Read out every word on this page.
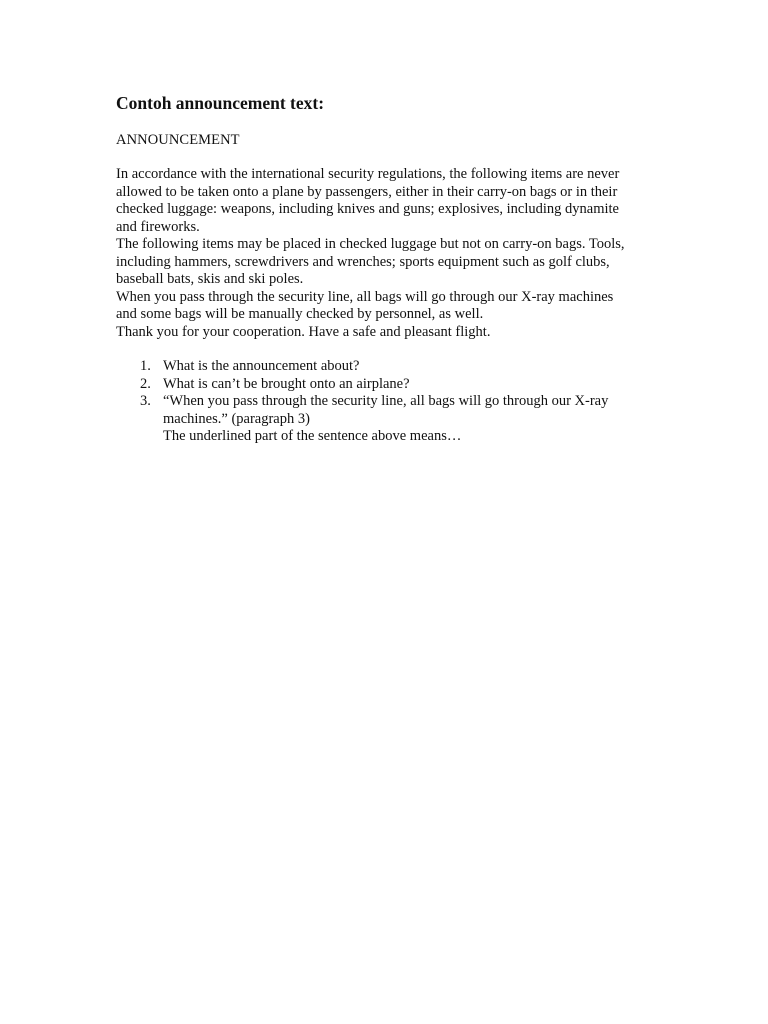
Contoh announcement text:
ANNOUNCEMENT
In accordance with the international security regulations, the following items are never
allowed to be taken onto a plane by passengers, either in their carry-on bags or in their
checked luggage: weapons, including knives and guns; explosives, including dynamite
and fireworks.
The following items may be placed in checked luggage but not on carry-on bags. Tools,
including hammers, screwdrivers and wrenches; sports equipment such as golf clubs,
baseball bats, skis and ski poles.
When you pass through the security line, all bags will go through our X-ray machines
and some bags will be manually checked by personnel, as well.
Thank you for your cooperation. Have a safe and pleasant flight.
1. What is the announcement about?
2. What is can’t be brought onto an airplane?
3. “When you pass through the security line, all bags will go through our X-ray
machines.” (paragraph 3)
The underlined part of the sentence above means…
